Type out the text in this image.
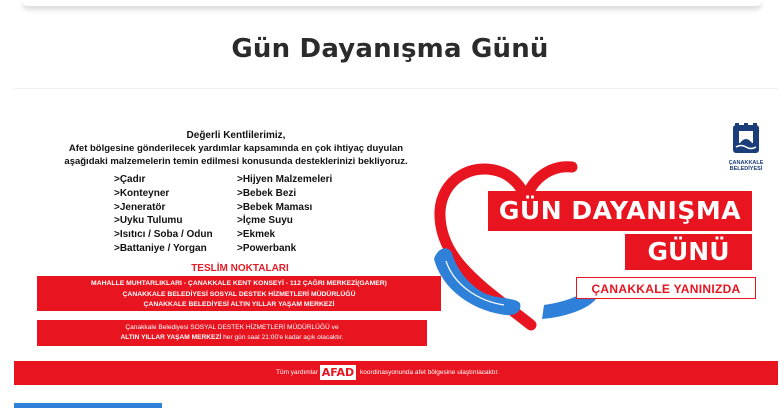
Gün Dayanışma Günü
Değerli Kentlilerimiz,
Afet bölgesine gönderilecek yardımlar kapsamında en çok ihtiyaç duyulan
aşağıdaki malzemelerin temin edilmesi konusunda desteklerinizi bekliyoruz.
>Çadır
>Konteyner
>Jeneratör
>Uyku Tulumu
>Isıtıcı / Soba / Odun
>Battaniye / Yorgan
>Hijyen Malzemeleri
>Bebek Bezi
>Bebek Maması
>İçme Suyu
>Ekmek
>Powerbank
TESLİM NOKTALARI
MAHALLE MUHTARLIKLARI - ÇANAKKALE KENT KONSEYİ - 112 ÇAĞRI MERKEZİ(GAMER)
ÇANAKKALE BELEDİYESİ SOSYAL DESTEK HİZMETLERİ MÜDÜRLÜĞÜ
ÇANAKKALE BELEDİYESİ ALTIN YILLAR YAŞAM MERKEZİ
Çanakkale Belediyesi SOSYAL DESTEK HİZMETLERİ MÜDÜRLÜĞÜ ve
ALTIN YILLAR YAŞAM MERKEZİ her gün saat 21:00'e kadar açık olacaktır.
ÇANAKKALE
BELEDİYESİ
GÜN DAYANIŞMA
GÜNÜ
ÇANAKKALE YANINIZDA
Tüm yardımlar AFAD koordinasyonunda afet bölgesine ulaştırılacaktır.
